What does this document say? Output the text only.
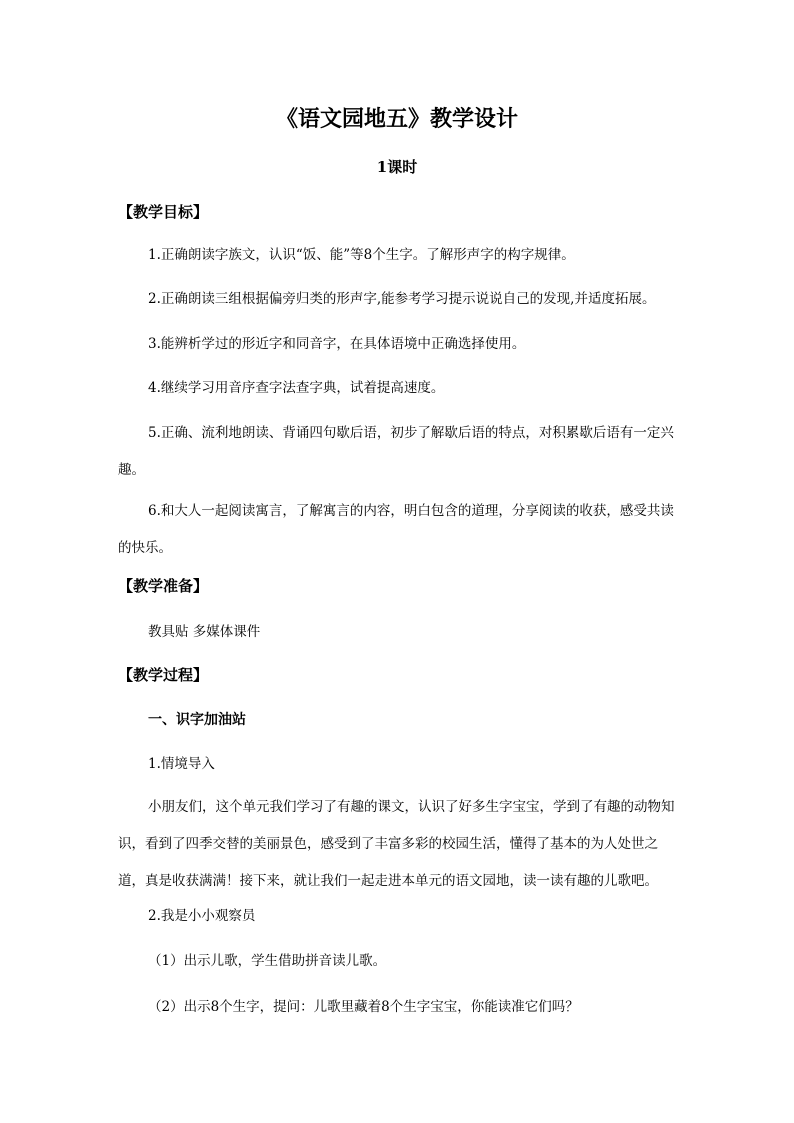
《语文园地五》教学设计
1课时
【教学目标】

1.正确朗读字族文，认识“饭、能”等8个生字。了解形声字的构字规律。

2.正确朗读三组根据偏旁归类的形声字,能参考学习提示说说自己的发现,并适度拓展。

3.能辨析学过的形近字和同音字，在具体语境中正确选择使用。

4.继续学习用音序查字法查字典，试着提高速度。

5.正确、流利地朗读、背诵四句歇后语，初步了解歇后语的特点，对积累歇后语有一定兴趣。

6.和大人一起阅读寓言，了解寓言的内容，明白包含的道理，分享阅读的收获，感受共读的快乐。

【教学准备】
教具贴 多媒体课件
【教学过程】
一、识字加油站
1.情境导入

小朋友们，这个单元我们学习了有趣的课文，认识了好多生字宝宝，学到了有趣的动物知识，看到了四季交替的美丽景色，感受到了丰富多彩的校园生活，懂得了基本的为人处世之道，真是收获满满！接下来，就让我们一起走进本单元的语文园地，读一读有趣的儿歌吧。

2.我是小小观察员
（1）出示儿歌，学生借助拼音读儿歌。
（2）出示8个生字，提问：儿歌里藏着8个生字宝宝，你能读准它们吗？
